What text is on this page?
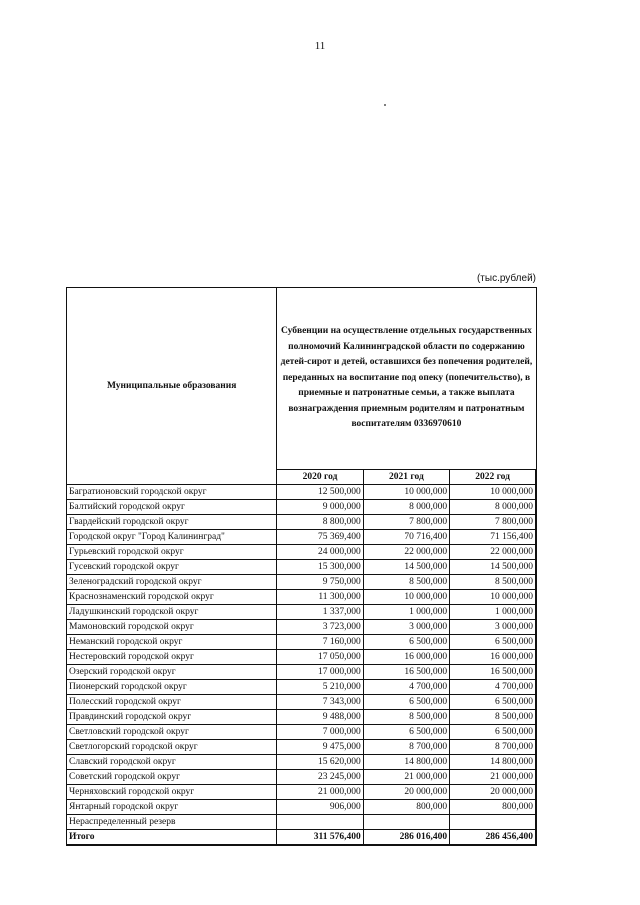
11
(тыс.рублей)
Муниципальные образования	Субвенции на осуществление отдельных государственных полномочий Калининградской области по содержанию детей-сирот и детей, оставшихся без попечения родителей, переданных на воспитание под опеку (попечительство), в приемные и патронатные семьи, а также выплата вознаграждения приемным родителям и патронатным воспитателям 0336970610		
	2020 год	2021 год	2022 год
Багратионовский городской округ	12 500,000	10 000,000	10 000,000
Балтийский городской округ	9 000,000	8 000,000	8 000,000
Гвардейский городской округ	8 800,000	7 800,000	7 800,000
Городской округ "Город Калининград"	75 369,400	70 716,400	71 156,400
Гурьевский городской округ	24 000,000	22 000,000	22 000,000
Гусевский городской округ	15 300,000	14 500,000	14 500,000
Зеленоградский городской округ	9 750,000	8 500,000	8 500,000
Краснознаменский городской округ	11 300,000	10 000,000	10 000,000
Ладушкинский городской округ	1 337,000	1 000,000	1 000,000
Мамоновский городской округ	3 723,000	3 000,000	3 000,000
Неманский городской округ	7 160,000	6 500,000	6 500,000
Нестеровский городской округ	17 050,000	16 000,000	16 000,000
Озерский городской округ	17 000,000	16 500,000	16 500,000
Пионерский городской округ	5 210,000	4 700,000	4 700,000
Полесский городской округ	7 343,000	6 500,000	6 500,000
Правдинский городской округ	9 488,000	8 500,000	8 500,000
Светловский городской округ	7 000,000	6 500,000	6 500,000
Светлогорский городской округ	9 475,000	8 700,000	8 700,000
Славский городской округ	15 620,000	14 800,000	14 800,000
Советский городской округ	23 245,000	21 000,000	21 000,000
Черняховский городской округ	21 000,000	20 000,000	20 000,000
Янтарный городской округ	906,000	800,000	800,000
Нераспределенный резерв			
Итого	311 576,400	286 016,400	286 456,400
